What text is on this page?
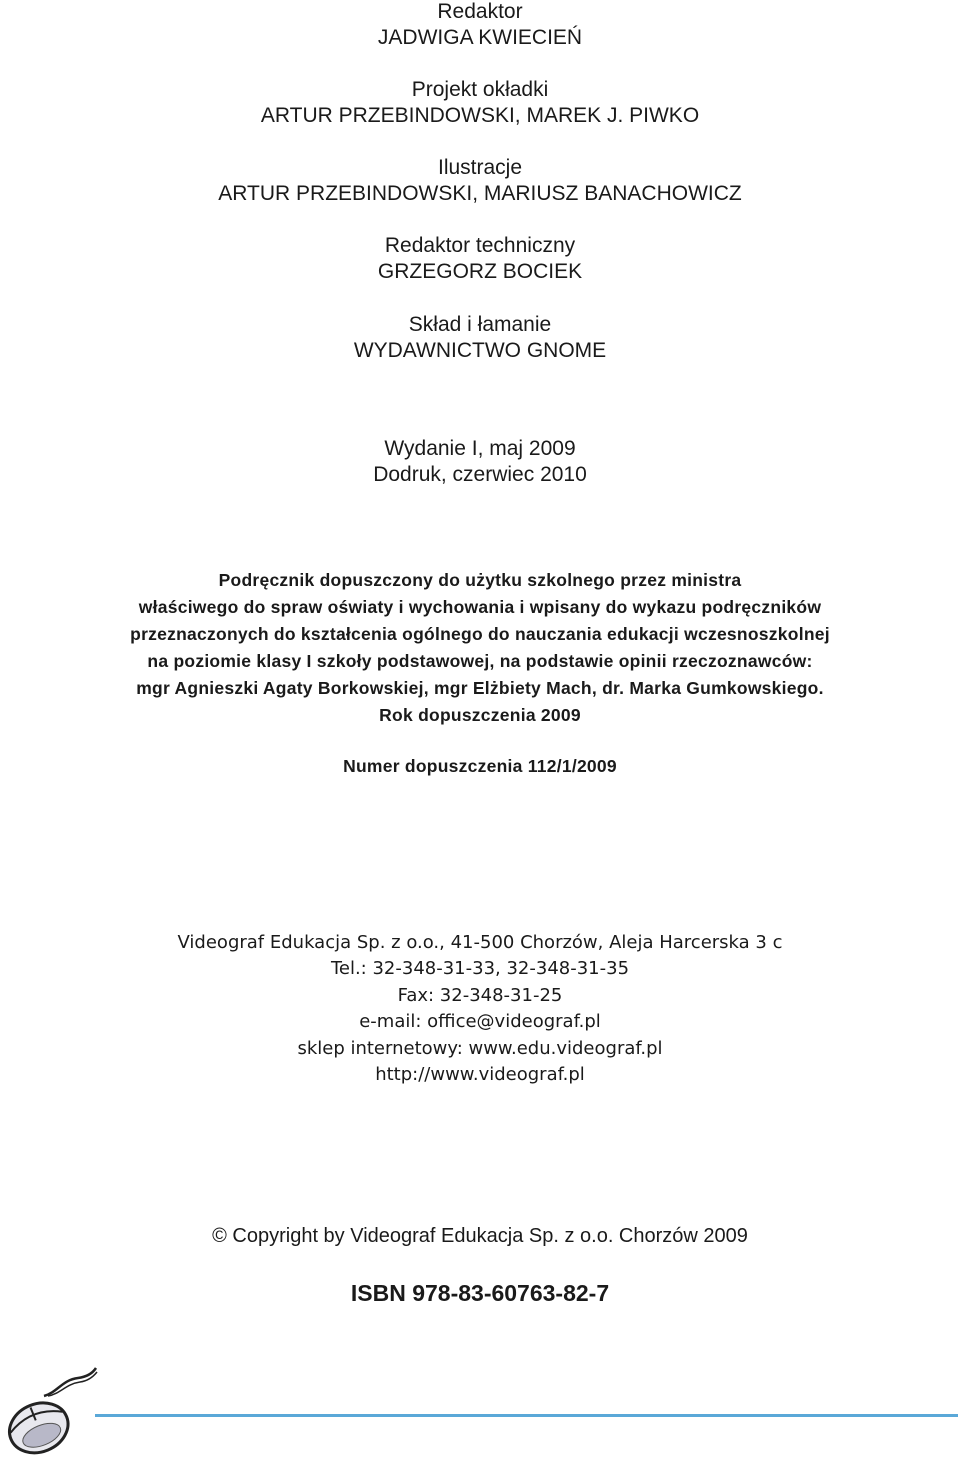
Redaktor
JADWIGA KWIECIEŃ
Projekt okładki
ARTUR PRZEBINDOWSKI, MAREK J. PIWKO
Ilustracje
ARTUR PRZEBINDOWSKI, MARIUSZ BANACHOWICZ
Redaktor techniczny
GRZEGORZ BOCIEK
Skład i łamanie
WYDAWNICTWO GNOME
Wydanie I, maj 2009
Dodruk, czerwiec 2010
Podręcznik dopuszczony do użytku szkolnego przez ministra
właściwego do spraw oświaty i wychowania i wpisany do wykazu podręczników
przeznaczonych do kształcenia ogólnego do nauczania edukacji wczesnoszkolnej
na poziomie klasy I szkoły podstawowej, na podstawie opinii rzeczoznawców:
mgr Agnieszki Agaty Borkowskiej, mgr Elżbiety Mach, dr. Marka Gumkowskiego.
Rok dopuszczenia 2009
Numer dopuszczenia 112/1/2009
Videograf Edukacja Sp. z o.o., 41-500 Chorzów, Aleja Harcerska 3 c
Tel.: 32-348-31-33, 32-348-31-35
Fax: 32-348-31-25
e-mail: office@videograf.pl
sklep internetowy: www.edu.videograf.pl
http://www.videograf.pl
© Copyright by Videograf Edukacja Sp. z o.o. Chorzów 2009
ISBN 978-83-60763-82-7
